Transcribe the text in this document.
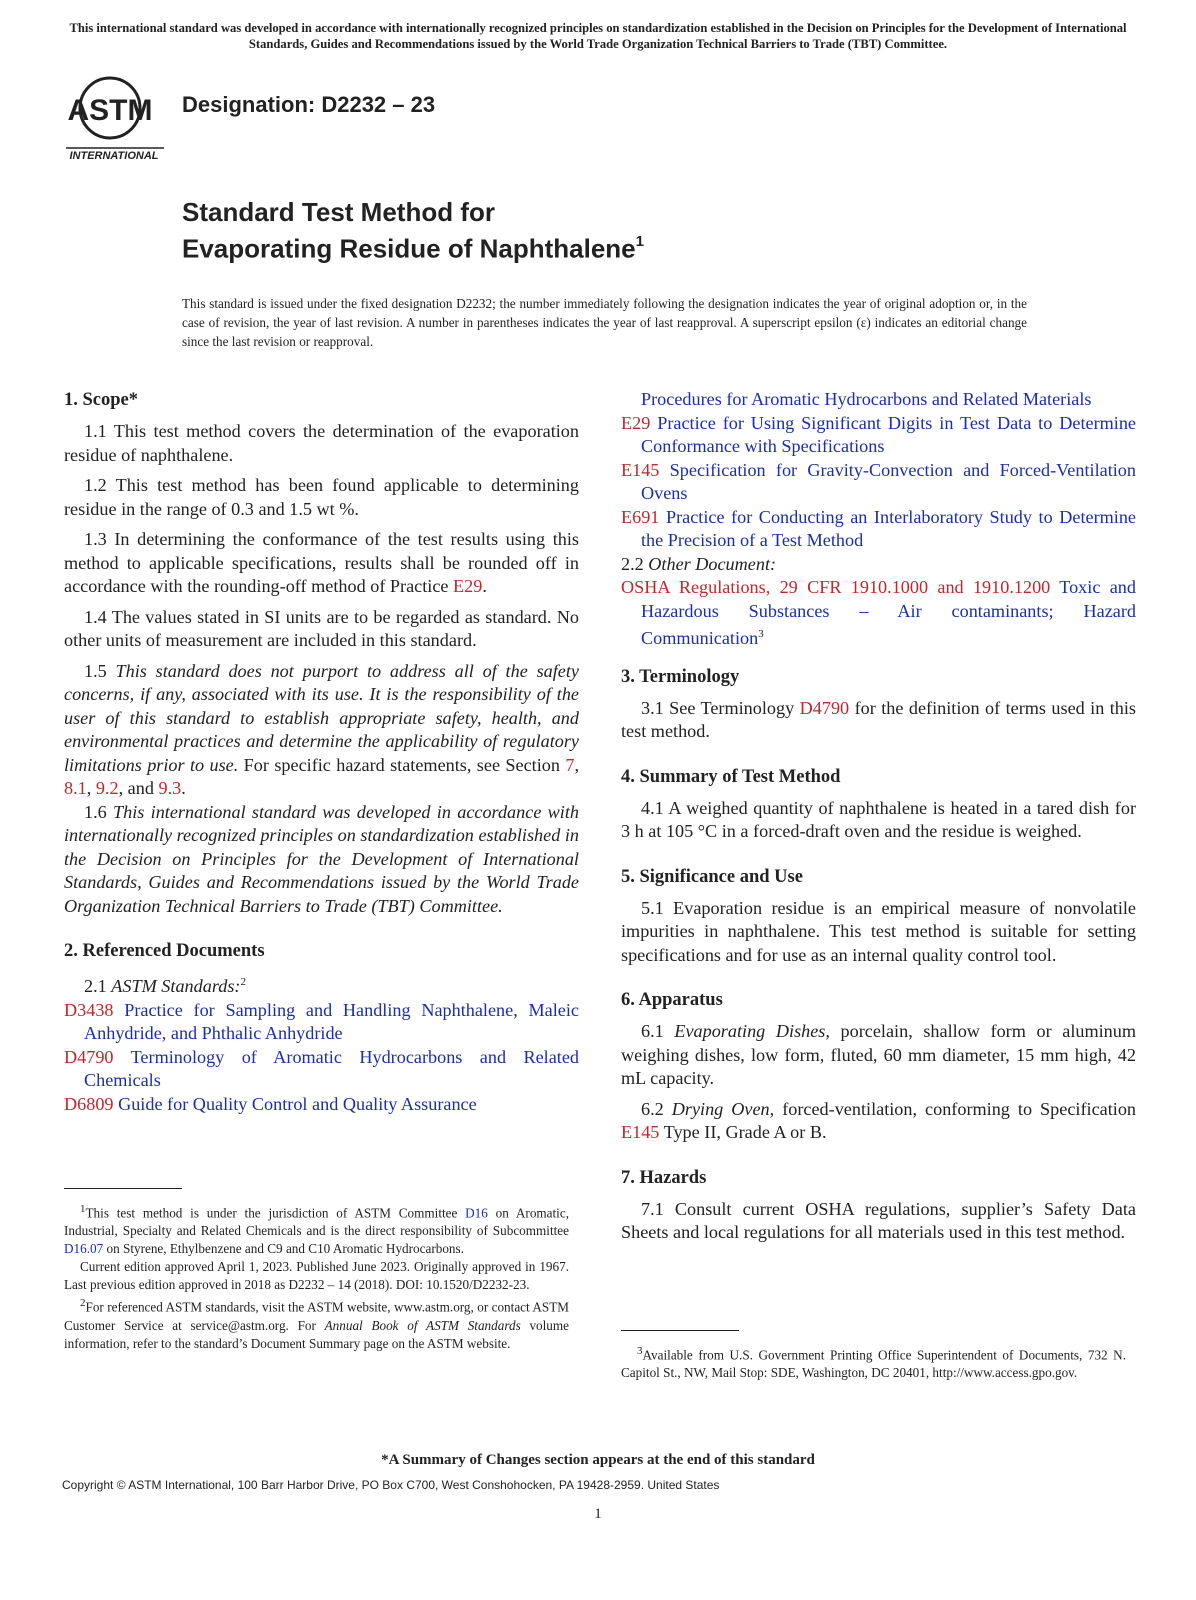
This international standard was developed in accordance with internationally recognized principles on standardization established in the Decision on Principles for the Development of International Standards, Guides and Recommendations issued by the World Trade Organization Technical Barriers to Trade (TBT) Committee.
ASTM
INTERNATIONAL
Designation: D2232 – 23
Standard Test Method for
Evaporating Residue of Naphthalene$^1$
This standard is issued under the fixed designation D2232; the number immediately following the designation indicates the year of original adoption or, in the case of revision, the year of last revision. A number in parentheses indicates the year of last reapproval. A superscript epsilon (ε) indicates an editorial change since the last revision or reapproval.
1. Scope*

1.1 This test method covers the determination of the evaporation residue of naphthalene.

1.2 This test method has been found applicable to determining residue in the range of 0.3 and 1.5 wt %.

1.3 In determining the conformance of the test results using this method to applicable specifications, results shall be rounded off in accordance with the rounding-off method of Practice E29.

1.4 The values stated in SI units are to be regarded as standard. No other units of measurement are included in this standard.

1.5 This standard does not purport to address all of the safety concerns, if any, associated with its use. It is the responsibility of the user of this standard to establish appropriate safety, health, and environmental practices and determine the applicability of regulatory limitations prior to use. For specific hazard statements, see Section 7, 8.1, 9.2, and 9.3.

1.6 This international standard was developed in accordance with internationally recognized principles on standardization established in the Decision on Principles for the Development of International Standards, Guides and Recommendations issued by the World Trade Organization Technical Barriers to Trade (TBT) Committee.

2. Referenced Documents

2.1 ASTM Standards:$^2$

D3438 Practice for Sampling and Handling Naphthalene, Maleic Anhydride, and Phthalic Anhydride
D4790 Terminology of Aromatic Hydrocarbons and Related Chemicals
D6809 Guide for Quality Control and Quality Assurance

$^1$This test method is under the jurisdiction of ASTM Committee D16 on Aromatic, Industrial, Specialty and Related Chemicals and is the direct responsibility of Subcommittee D16.07 on Styrene, Ethylbenzene and C9 and C10 Aromatic Hydrocarbons.

Current edition approved April 1, 2023. Published June 2023. Originally approved in 1967. Last previous edition approved in 2018 as D2232 – 14 (2018). DOI: 10.1520/D2232-23.

$^2$For referenced ASTM standards, visit the ASTM website, www.astm.org, or contact ASTM Customer Service at service@astm.org. For Annual Book of ASTM Standards volume information, refer to the standard’s Document Summary page on the ASTM website.

Procedures for Aromatic Hydrocarbons and Related Materials
E29 Practice for Using Significant Digits in Test Data to Determine Conformance with Specifications
E145 Specification for Gravity-Convection and Forced-Ventilation Ovens
E691 Practice for Conducting an Interlaboratory Study to Determine the Precision of a Test Method

2.2 Other Document:

OSHA Regulations, 29 CFR 1910.1000 and 1910.1200 Toxic and Hazardous Substances – Air contaminants; Hazard Communication$^3$
3. Terminology

3.1 See Terminology D4790 for the definition of terms used in this test method.

4. Summary of Test Method

4.1 A weighed quantity of naphthalene is heated in a tared dish for 3 h at 105 °C in a forced-draft oven and the residue is weighed.

5. Significance and Use

5.1 Evaporation residue is an empirical measure of nonvolatile impurities in naphthalene. This test method is suitable for setting specifications and for use as an internal quality control tool.

6. Apparatus

6.1 Evaporating Dishes, porcelain, shallow form or aluminum weighing dishes, low form, fluted, 60 mm diameter, 15 mm high, 42 mL capacity.

6.2 Drying Oven, forced-ventilation, conforming to Specification E145 Type II, Grade A or B.

7. Hazards

7.1 Consult current OSHA regulations, supplier’s Safety Data Sheets and local regulations for all materials used in this test method.

$^3$Available from U.S. Government Printing Office Superintendent of Documents, 732 N. Capitol St., NW, Mail Stop: SDE, Washington, DC 20401, http://www.access.gpo.gov.

*A Summary of Changes section appears at the end of this standard
Copyright © ASTM International, 100 Barr Harbor Drive, PO Box C700, West Conshohocken, PA 19428-2959. United States
1
